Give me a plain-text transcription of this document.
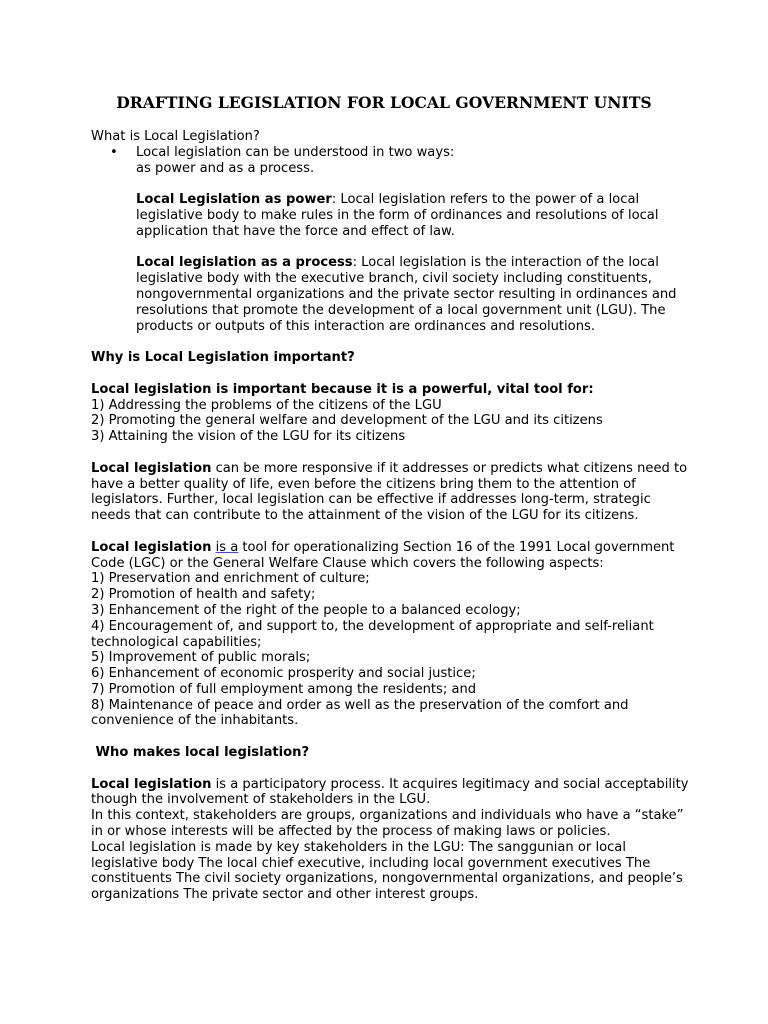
DRAFTING LEGISLATION FOR LOCAL GOVERNMENT UNITS

What is Local Legislation?

• Local legislation can be understood in two ways:

as power and as a process.

Local Legislation as power: Local legislation refers to the power of a local legislative body to make rules in the form of ordinances and resolutions of local application that have the force and effect of law.

Local legislation as a process: Local legislation is the interaction of the local legislative body with the executive branch, civil society including constituents, nongovernmental organizations and the private sector resulting in ordinances and resolutions that promote the development of a local government unit (LGU). The products or outputs of this interaction are ordinances and resolutions.

Why is Local Legislation important?

Local legislation is important because it is a powerful, vital tool for:

1) Addressing the problems of the citizens of the LGU
2) Promoting the general welfare and development of the LGU and its citizens
3) Attaining the vision of the LGU for its citizens

Local legislation can be more responsive if it addresses or predicts what citizens need to have a better quality of life, even before the citizens bring them to the attention of legislators. Further, local legislation can be effective if addresses long-term, strategic needs that can contribute to the attainment of the vision of the LGU for its citizens.

Local legislation is a tool for operationalizing Section 16 of the 1991 Local government Code (LGC) or the General Welfare Clause which covers the following aspects:

1) Preservation and enrichment of culture;
2) Promotion of health and safety;
3) Enhancement of the right of the people to a balanced ecology;
4) Encouragement of, and support to, the development of appropriate and self-reliant technological capabilities;
5) Improvement of public morals;
6) Enhancement of economic prosperity and social justice;
7) Promotion of full employment among the residents; and
8) Maintenance of peace and order as well as the preservation of the comfort and convenience of the inhabitants.

Who makes local legislation?

Local legislation is a participatory process. It acquires legitimacy and social acceptability though the involvement of stakeholders in the LGU.

In this context, stakeholders are groups, organizations and individuals who have a “stake” in or whose interests will be affected by the process of making laws or policies.

Local legislation is made by key stakeholders in the LGU: The sanggunian or local legislative body The local chief executive, including local government executives The constituents The civil society organizations, nongovernmental organizations, and people’s organizations The private sector and other interest groups.
